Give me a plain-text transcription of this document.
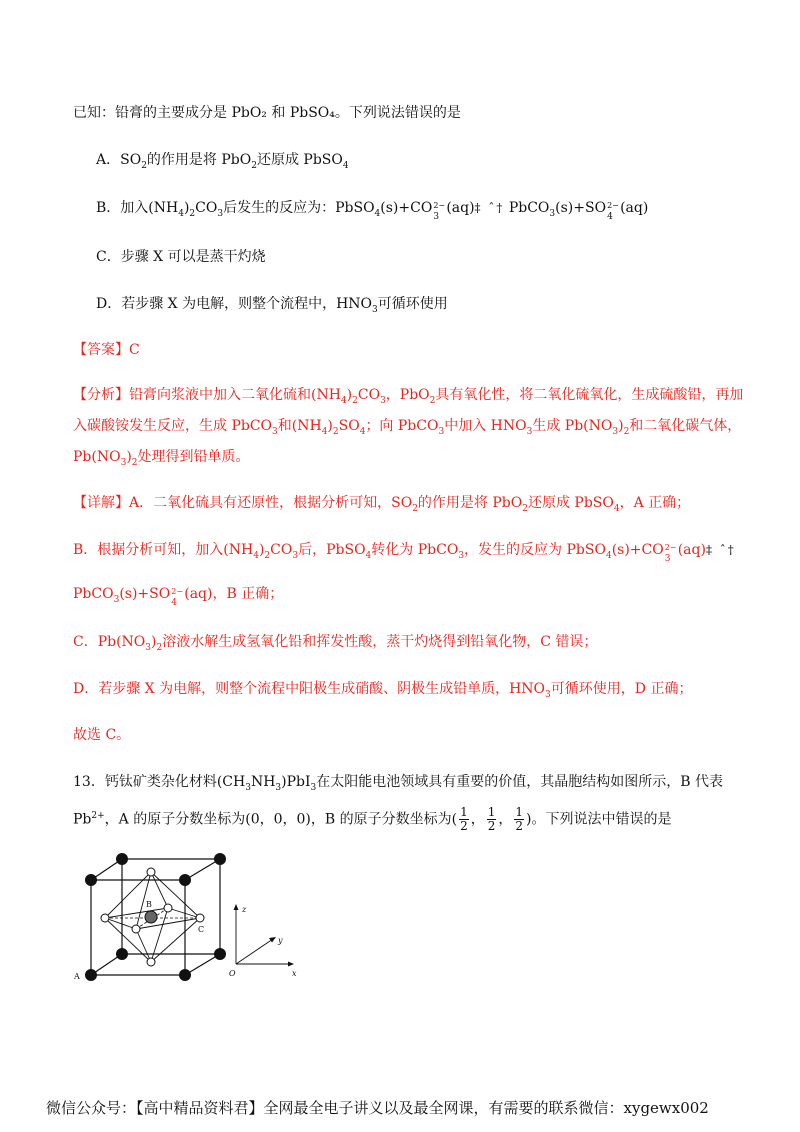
已知：铅膏的主要成分是 PbO₂ 和 PbSO₄。下列说法错误的是
A．$SO_2$的作用是将 PbO$_2$还原成 PbSO$_4$
B．加入$(NH_4)_2CO_3$后发生的反应为：PbSO$_4$(s)+CO 2−
3
(aq)‡ ˆ† PbCO$_3$(s)+SO 2−
4
(aq)
C．步骤 X 可以是蒸干灼烧
D．若步骤 X 为电解，则整个流程中，$HNO_3$可循环使用
【答案】C
【分析】铅膏向浆液中加入二氧化硫和$(NH_4)_2CO_3$，PbO$_2$具有氧化性，将二氧化硫氧化，生成硫酸铅，再加
入碳酸铵发生反应，生成 PbCO$_3$和$(NH_4)_2SO_4$；向 PbCO$_3$中加入 $HNO_3$生成 $Pb(NO_3)_2$和二氧化碳气体，
$Pb(NO_3)_2$处理得到铅单质。
【详解】A．二氧化硫具有还原性，根据分析可知，$SO_2$的作用是将 PbO$_2$还原成 PbSO$_4$，A 正确；
B．根据分析可知，加入$(NH_4)_2CO_3$后，PbSO$_4$转化为 PbCO$_3$，发生的反应为 PbSO$_4$(s)+CO 2−
3
(aq)‡ ˆ†
PbCO$_3$(s)+SO 2−
4
(aq)，B 正确；
C．$Pb(NO_3)_2$溶液水解生成氢氧化铅和挥发性酸，蒸干灼烧得到铅氧化物，C 错误；
D．若步骤 X 为电解，则整个流程中阳极生成硝酸、阴极生成铅单质，$HNO_3$可循环使用，D 正确；
故选 C。
13．钙钛矿类杂化材料$(CH_3NH_3)PbI_3$在太阳能电池领域具有重要的价值，其晶胞结构如图所示，B 代表
$Pb^{2+}$，A 的原子分数坐标为(0，0，0)，B 的原子分数坐标为( $\frac{1}{2}$ ， $\frac{1}{2}$ ， $\frac{1}{2}$ )。下列说法中错误的是
A
B
C
z
y
x
O
微信公众号：【高中精品资料君】全网最全电子讲义以及最全网课，有需要的联系微信：xygewx002
